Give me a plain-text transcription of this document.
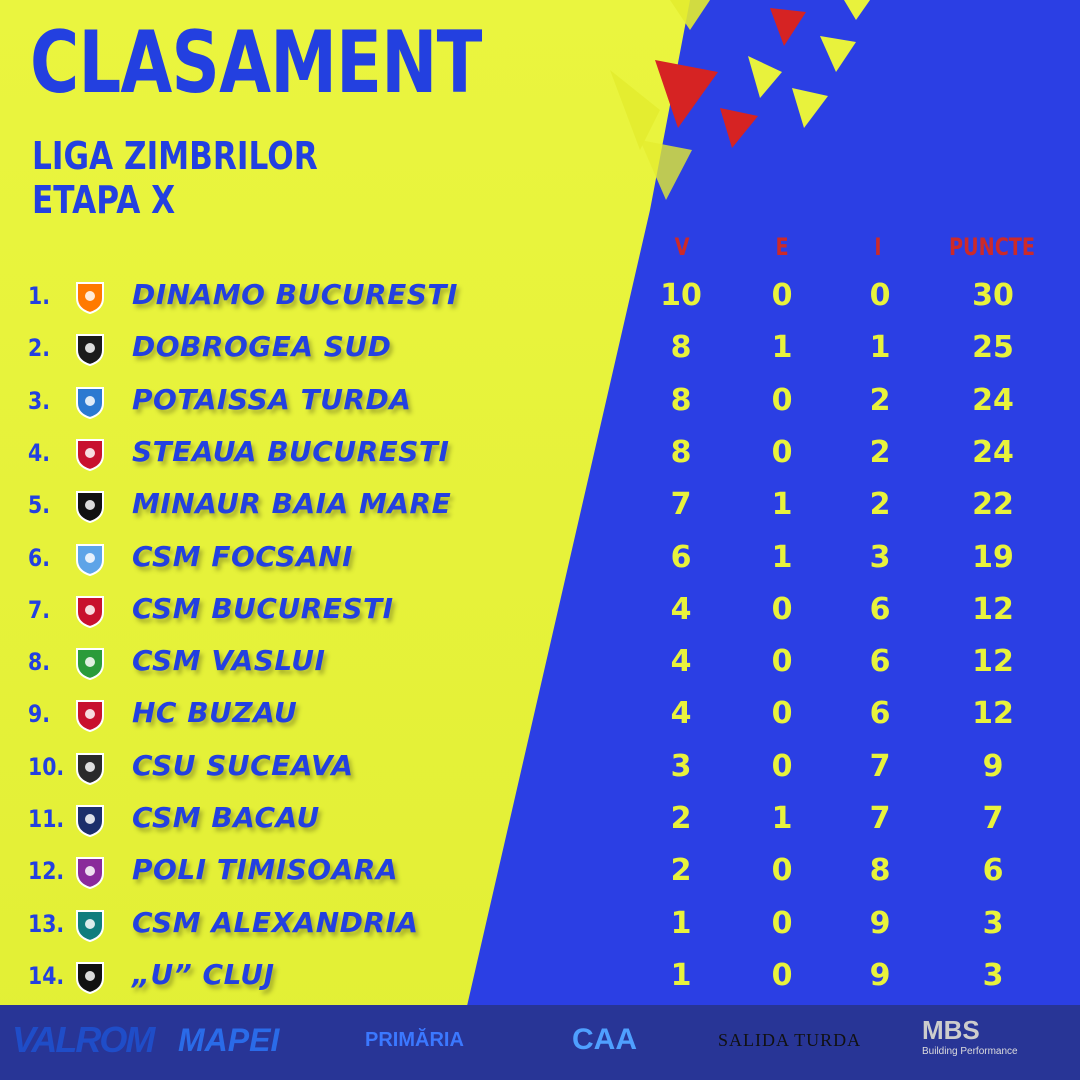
CLASAMENT
LIGA ZIMBRILOR
ETAPA X
V	E	I	PUNCTE
1.	DINAMO BUCURESTI	10	0	0	30
2.	DOBROGEA SUD	8	1	1	25
3.	POTAISSA TURDA	8	0	2	24
4.	STEAUA BUCURESTI	8	0	2	24
5.	MINAUR BAIA MARE	7	1	2	22
6.	CSM FOCSANI	6	1	3	19
7.	CSM BUCURESTI	4	0	6	12
8.	CSM VASLUI	4	0	6	12
9.	HC BUZAU	4	0	6	12
10. CSU SUCEAVA	3	0	7	9
11. CSM BACAU	2	1	7	7
12. POLI TIMISOARA	2	0	8	6
13. CSM ALEXANDRIA	1	0	9	3
14. „U” CLUJ	1	0	9	3
VALROM MAPEI	PRIMĂRIA	CAA	SALIDA TURDA MBS
Building Performance
